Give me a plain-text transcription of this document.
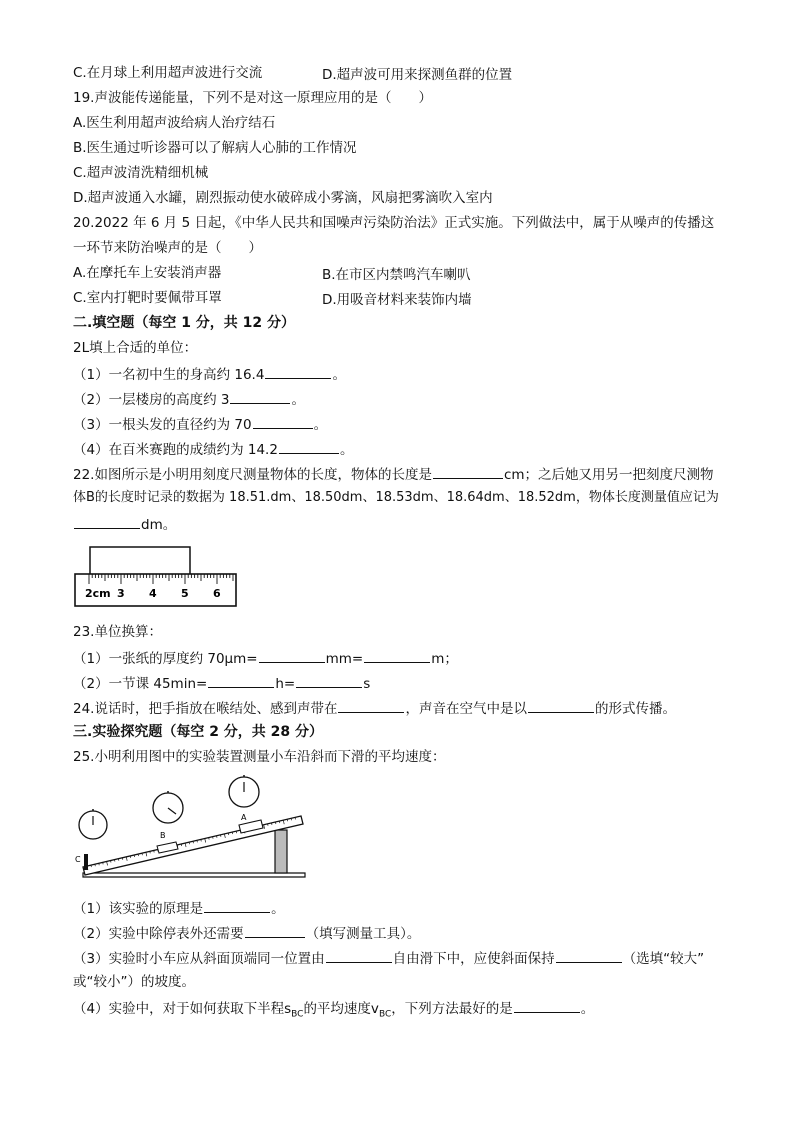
C.在月球上利用超声波进行交流	D.超声波可用来探测鱼群的位置
19.声波能传递能量，下列不是对这一原理应用的是（　　）
A.医生利用超声波给病人治疗结石
B.医生通过听诊器可以了解病人心肺的工作情况
C.超声波清洗精细机械
D.超声波通入水罐，剧烈振动使水破碎成小雾滴，风扇把雾滴吹入室内
20.2022 年 6 月 5 日起，《中华人民共和国噪声污染防治法》正式实施。下列做法中，属于从噪声的传播这
一环节来防治噪声的是（　　）
A.在摩托车上安装消声器	B.在市区内禁鸣汽车喇叭
C.室内打靶时要佩带耳罩	D.用吸音材料来装饰内墙
二.填空题（每空 1 分，共 12 分）
2L填上合适的单位：
（1）一名初中生的身高约 16.4	。
（2）一层楼房的高度约 3	。
（3）一根头发的直径约为 70	。
（4）在百米赛跑的成绩约为 14.2	。
22.如图所示是小明用刻度尺测量物体的长度，物体的长度是	cm；之后她又用另一把刻度尺测物
体B的长度时记录的数据为 18.51.dm、18.50dm、18.53dm、18.64dm、18.52dm，物体长度测量值应记为
dm。
2cm 3 4 5 6
23.单位换算：
（1）一张纸的厚度约 70μm=	mm=	m；
（2）一节课 45min=	h=	s
24.说话时，把手指放在喉结处、感到声带在	，声音在空气中是以	的形式传播。
三.实验探究题（每空 2 分，共 28 分）
25.小明利用图中的实验装置测量小车沿斜而下滑的平均速度：
C
B
A
（1）该实验的原理是	。
（2）实验中除停表外还需要	（填写测量工具）。
（3）实验时小车应从斜面顶端同一位置由	自由滑下中，应使斜面保持	（选填“较大”
或“较小”）的坡度。
（4）实验中，对于如何获取下半程$s_{BC}$的平均速度$v_{BC}$，下列方法最好的是	。
